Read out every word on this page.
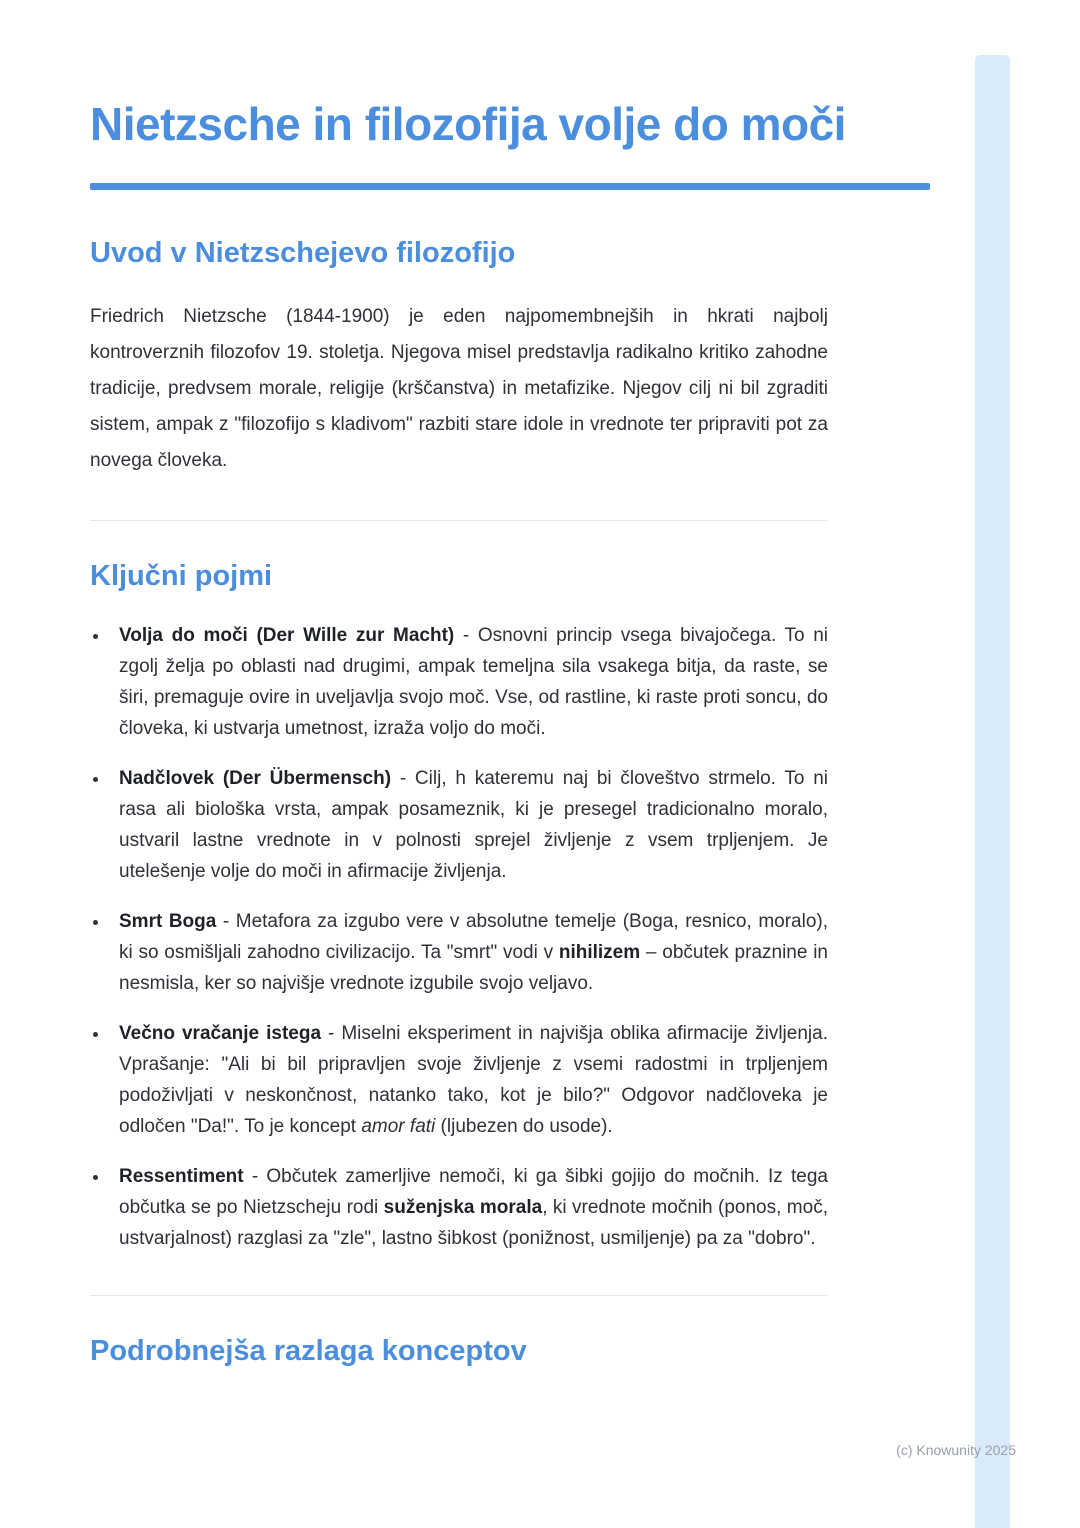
Nietzsche in filozofija volje do moči
Uvod v Nietzschejevo filozofijo

Friedrich Nietzsche (1844-1900) je eden najpomembnejših in hkrati najbolj kontroverznih filozofov 19. stoletja. Njegova misel predstavlja radikalno kritiko zahodne tradicije, predvsem morale, religije (krščanstva) in metafizike. Njegov cilj ni bil zgraditi sistem, ampak z "filozofijo s kladivom" razbiti stare idole in vrednote ter pripraviti pot za novega človeka.

Ključni pojmi
• Volja do moči (Der Wille zur Macht) - Osnovni princip vsega bivajočega. To ni zgolj želja po oblasti nad drugimi, ampak temeljna sila vsakega bitja, da raste, se širi, premaguje ovire in uveljavlja svojo moč. Vse, od rastline, ki raste proti soncu, do človeka, ki ustvarja umetnost, izraža voljo do moči.
• Nadčlovek (Der Übermensch) - Cilj, h kateremu naj bi človeštvo strmelo. To ni rasa ali biološka vrsta, ampak posameznik, ki je presegel tradicionalno moralo, ustvaril lastne vrednote in v polnosti sprejel življenje z vsem trpljenjem. Je utelešenje volje do moči in afirmacije življenja.
• Smrt Boga - Metafora za izgubo vere v absolutne temelje (Boga, resnico, moralo), ki so osmišljali zahodno civilizacijo. Ta "smrt" vodi v nihilizem – občutek praznine in nesmisla, ker so najvišje vrednote izgubile svojo veljavo.
• Večno vračanje istega - Miselni eksperiment in najvišja oblika afirmacije življenja. Vprašanje: "Ali bi bil pripravljen svoje življenje z vsemi radostmi in trpljenjem podoživljati v neskončnost, natanko tako, kot je bilo?" Odgovor nadčloveka je odločen "Da!". To je koncept amor fati (ljubezen do usode).
• Ressentiment - Občutek zamerljive nemoči, ki ga šibki gojijo do močnih. Iz tega občutka se po Nietzscheju rodi suženjska morala, ki vrednote močnih (ponos, moč, ustvarjalnost) razglasi za "zle", lastno šibkost (ponižnost, usmiljenje) pa za "dobro".
Podrobnejša razlaga konceptov
(c) Knowunity 2025
